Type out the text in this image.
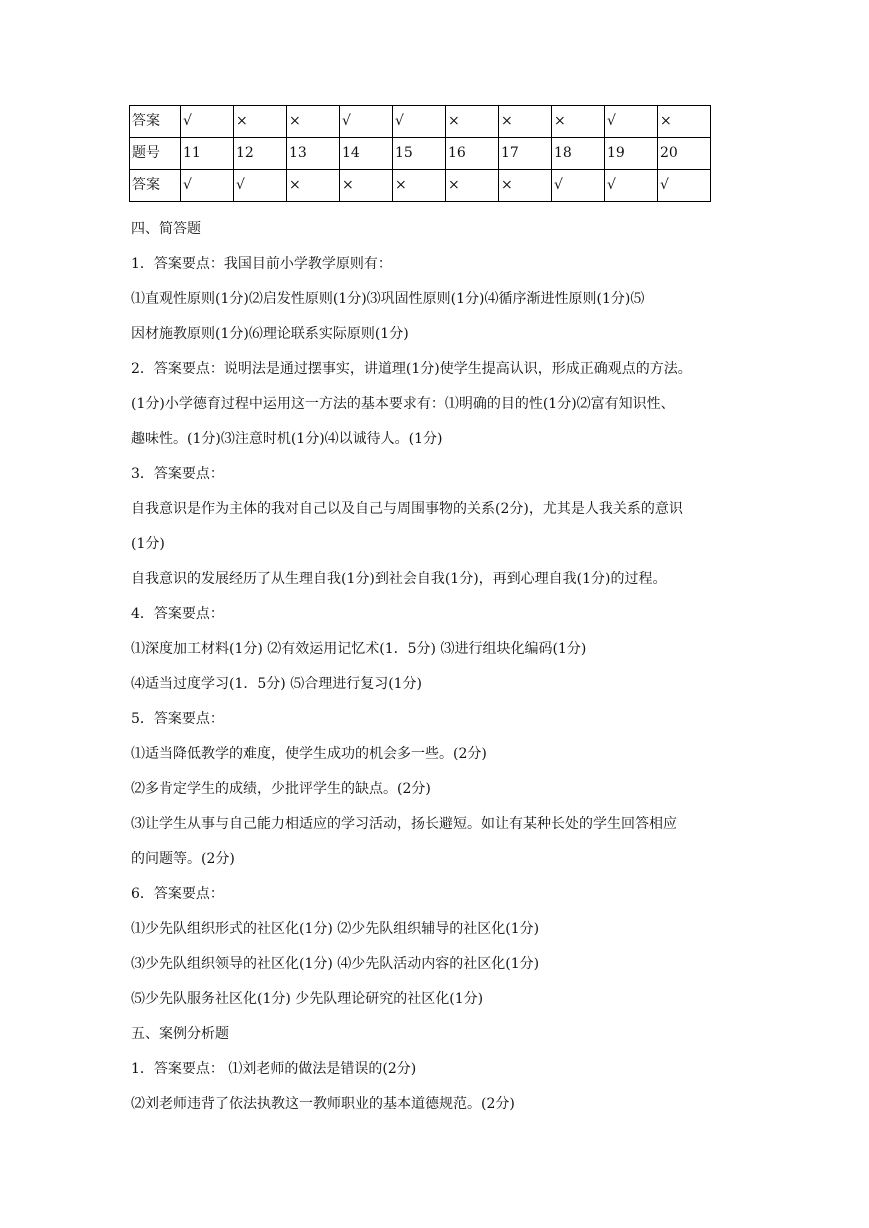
答案	√	×	×	√	√	×	×	×	√	×
题号	11	12	13	14	15	16	17	18	19	20
答案	√	√	×	×	×	×	×	√	√	√
四、简答题
1．答案要点：我国目前小学教学原则有：
⑴直观性原则(1分)⑵启发性原则(1分)⑶巩固性原则(1分)⑷循序渐进性原则(1分)⑸
因材施教原则(1分)⑹理论联系实际原则(1分)
2．答案要点：说明法是通过摆事实，讲道理(1分)使学生提高认识，形成正确观点的方法。
(1分)小学德育过程中运用这一方法的基本要求有：⑴明确的目的性(1分)⑵富有知识性、
趣味性。(1分)⑶注意时机(1分)⑷以诚待人。(1分)
3．答案要点：
自我意识是作为主体的我对自己以及自己与周围事物的关系(2分)，尤其是人我关系的意识
(1分)
自我意识的发展经历了从生理自我(1分)到社会自我(1分)，再到心理自我(1分)的过程。
4．答案要点：
⑴深度加工材料(1分) ⑵有效运用记忆术(1．5分) ⑶进行组块化编码(1分)
⑷适当过度学习(1．5分) ⑸合理进行复习(1分)
5．答案要点：
⑴适当降低教学的难度，使学生成功的机会多一些。(2分)
⑵多肯定学生的成绩，少批评学生的缺点。(2分)
⑶让学生从事与自己能力相适应的学习活动，扬长避短。如让有某种长处的学生回答相应
的问题等。(2分)
6．答案要点：
⑴少先队组织形式的社区化(1分) ⑵少先队组织辅导的社区化(1分)
⑶少先队组织领导的社区化(1分) ⑷少先队活动内容的社区化(1分)
⑸少先队服务社区化(1分) 少先队理论研究的社区化(1分)
五、案例分析题
1．答案要点： ⑴刘老师的做法是错误的(2分)
⑵刘老师违背了依法执教这一教师职业的基本道德规范。(2分)
